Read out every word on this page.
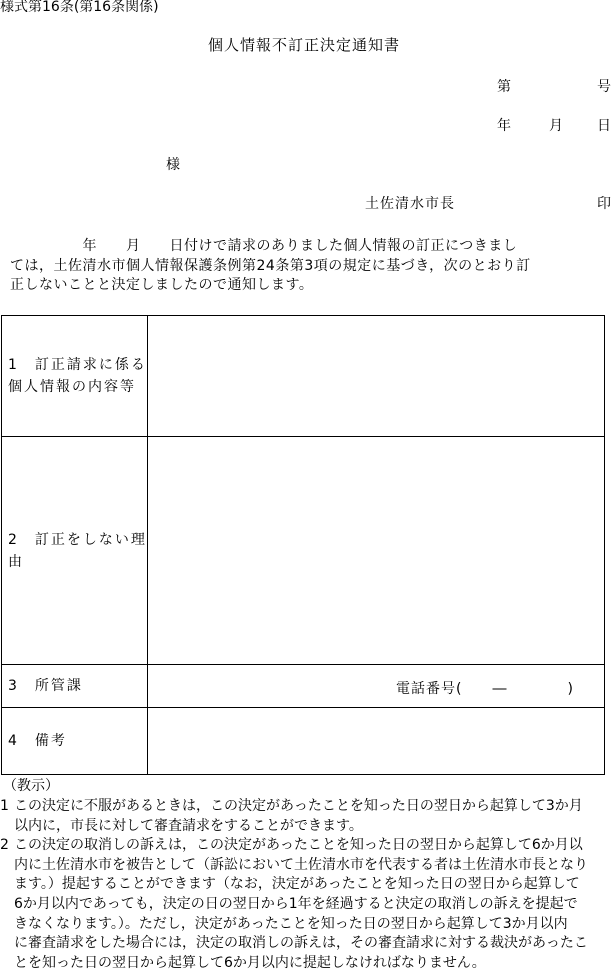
様式第16条(第16条関係)
個人情報不訂正決定通知書
第	号
年	月 日
様
土佐清水市長	印
　　　　　年　　月　　日付けで請求のありました個人情報の訂正につきまし
ては，土佐清水市個人情報保護条例第24条第3項の規定に基づき，次のとおり訂
正しないことと決定しましたので通知します。
1　訂正請求に係る個人情報の内容等	
2　訂正をしない理由	
3　所管課	電話番号(　　―　　　　)

4　備考	
（教示）
1 この決定に不服があるときは，この決定があったことを知った日の翌日から起算して3か月
以内に，市長に対して審査請求をすることができます。
2 この決定の取消しの訴えは，この決定があったことを知った日の翌日から起算して6か月以
内に土佐清水市を被告として（訴訟において土佐清水市を代表する者は土佐清水市長となり
ます。）提起することができます（なお，決定があったことを知った日の翌日から起算して
6か月以内であっても，決定の日の翌日から1年を経過すると決定の取消しの訴えを提起で
きなくなります。）。ただし，決定があったことを知った日の翌日から起算して3か月以内
に審査請求をした場合には，決定の取消しの訴えは，その審査請求に対する裁決があったこ
とを知った日の翌日から起算して6か月以内に提起しなければなりません。
